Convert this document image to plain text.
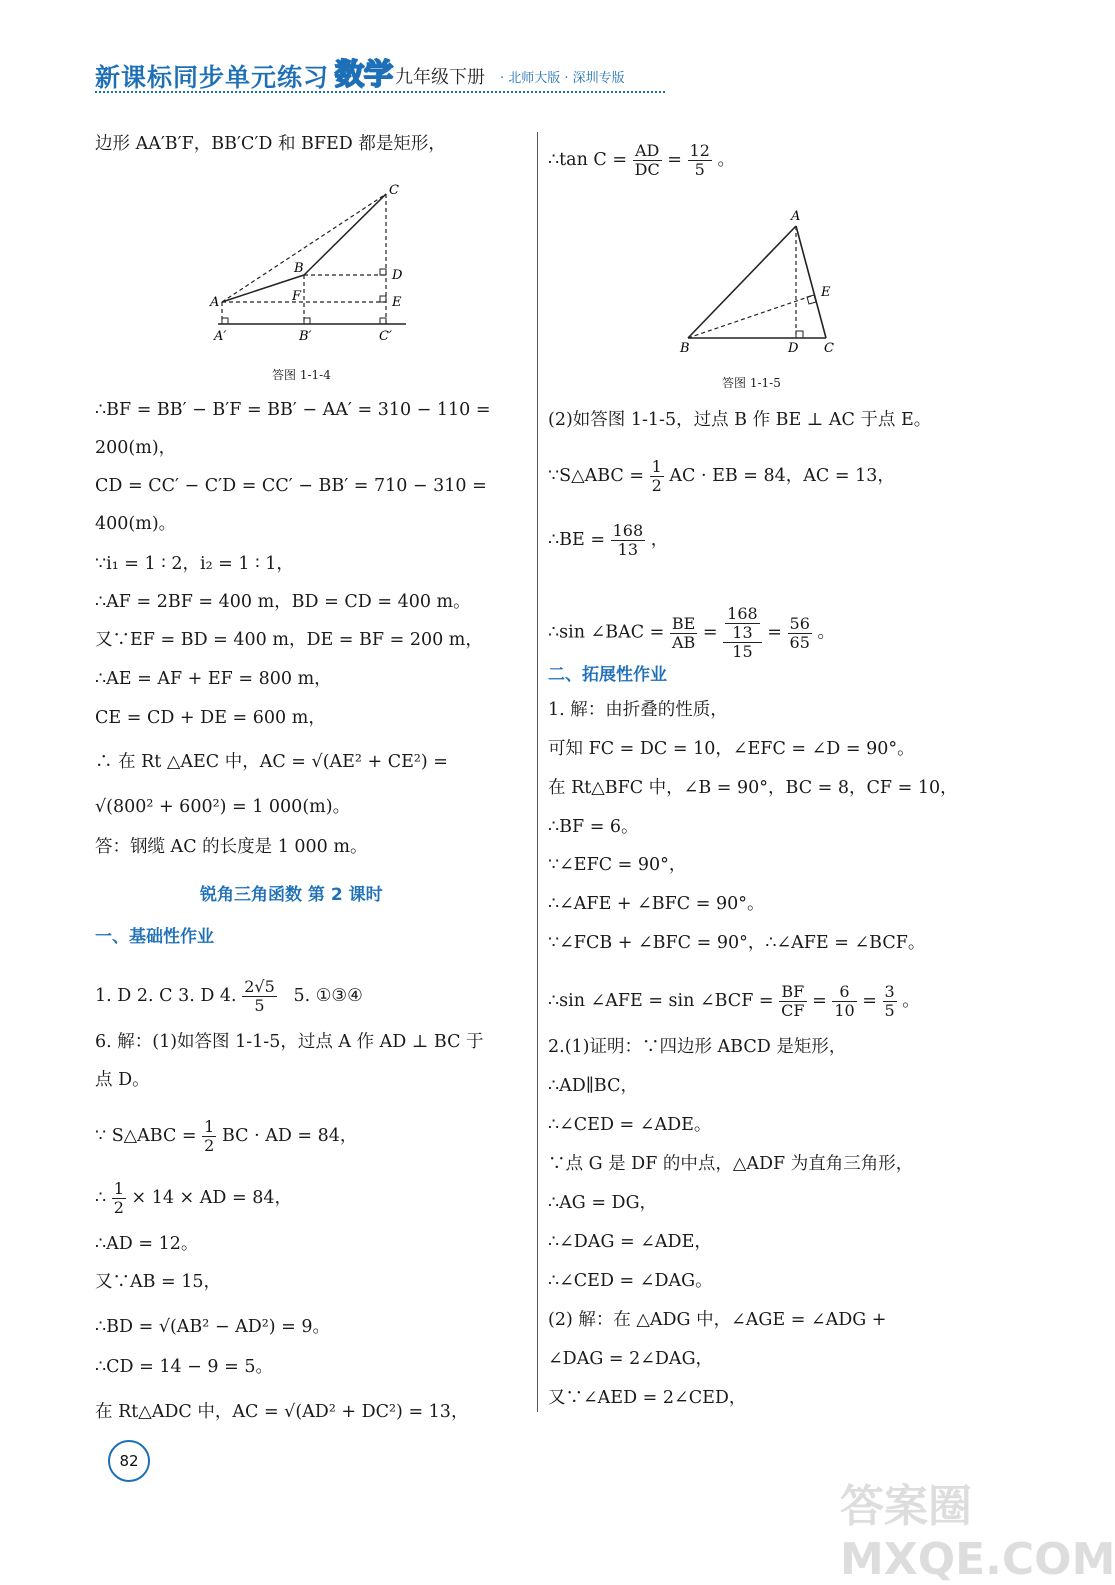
新课标同步单元练习 数学 九年级下册 · 北师大版 · 深圳专版
边形 AA′B′F，BB′C′D 和 BFED 都是矩形，
C
B	D
A	F	E
A′	B′	C′
答图 1-1-4
∴BF = BB′ − B′F = BB′ − AA′ = 310 − 110 =
200(m)，
CD = CC′ − C′D = CC′ − BB′ = 710 − 310 =
400(m)。
∵i₁ = 1 ∶ 2，i₂ = 1 ∶ 1，
∴AF = 2BF = 400 m，BD = CD = 400 m。
又∵EF = BD = 400 m，DE = BF = 200 m，
∴AE = AF + EF = 800 m，
CE = CD + DE = 600 m，
∴ 在 Rt △AEC 中，AC = √(AE² + CE²) =
√(800² + 600²) = 1 000(m)。
答：钢缆 AC 的长度是 1 000 m。
锐角三角函数 第 2 课时
一、基础性作业
1. D 2. C 3. D 4. $\frac{2√5}{5} 5$. ①③④
6. 解：(1)如答图 1-1-5，过点 A 作 AD ⊥ BC 于
点 D。
∵ S△ABC = $\frac{1}{2}$ BC · AD = 84，
∴ $\frac{1}{2} \times 14$ × AD = 84，
∴AD = 12。
又∵AB = 15，
∴BD = √(AB² − AD²) = 9。
∴CD = 14 − 9 = 5。
在 Rt△ADC 中，AC = √(AD² + DC²) = 13，
∴tan $C = \frac{AD}{DC} = \frac{12}{5}$ 。
A
B	C
D
E
答图 1-1-5
(2)如答图 1-1-5，过点 B 作 BE ⊥ AC 于点 E。
∵S△ABC = $\frac{1}{2}$ AC · EB = 84，AC = 13，
∴BE = $\frac{168}{13}$ ，
∴sin ∠BAC = $\frac{BE}{AB} = \frac{\frac{168}{13}}{15} = \frac{56}{65}$ 。
二、拓展性作业
1. 解：由折叠的性质，
可知 FC = DC = 10，∠EFC = ∠D = 90°。
在 Rt△BFC 中，∠B = 90°，BC = 8，CF = 10，
∴BF = 6。
∵∠EFC = 90°，
∴∠AFE + ∠BFC = 90°。
∵∠FCB + ∠BFC = 90°，∴∠AFE = ∠BCF。
∴sin ∠AFE = sin ∠BCF = $\frac{BF}{CF} = \frac{6}{10} = \frac{3}{5}$ 。
2.(1)证明：∵四边形 ABCD 是矩形，
∴AD∥BC，
∴∠CED = ∠ADE。
∵点 G 是 DF 的中点，△ADF 为直角三角形，
∴AG = DG，
∴∠DAG = ∠ADE，
∴∠CED = ∠DAG。
(2) 解：在 △ADG 中，∠AGE = ∠ADG +
∠DAG = 2∠DAG，
又∵∠AED = 2∠CED，
82
答案圈 MXQE.COM
